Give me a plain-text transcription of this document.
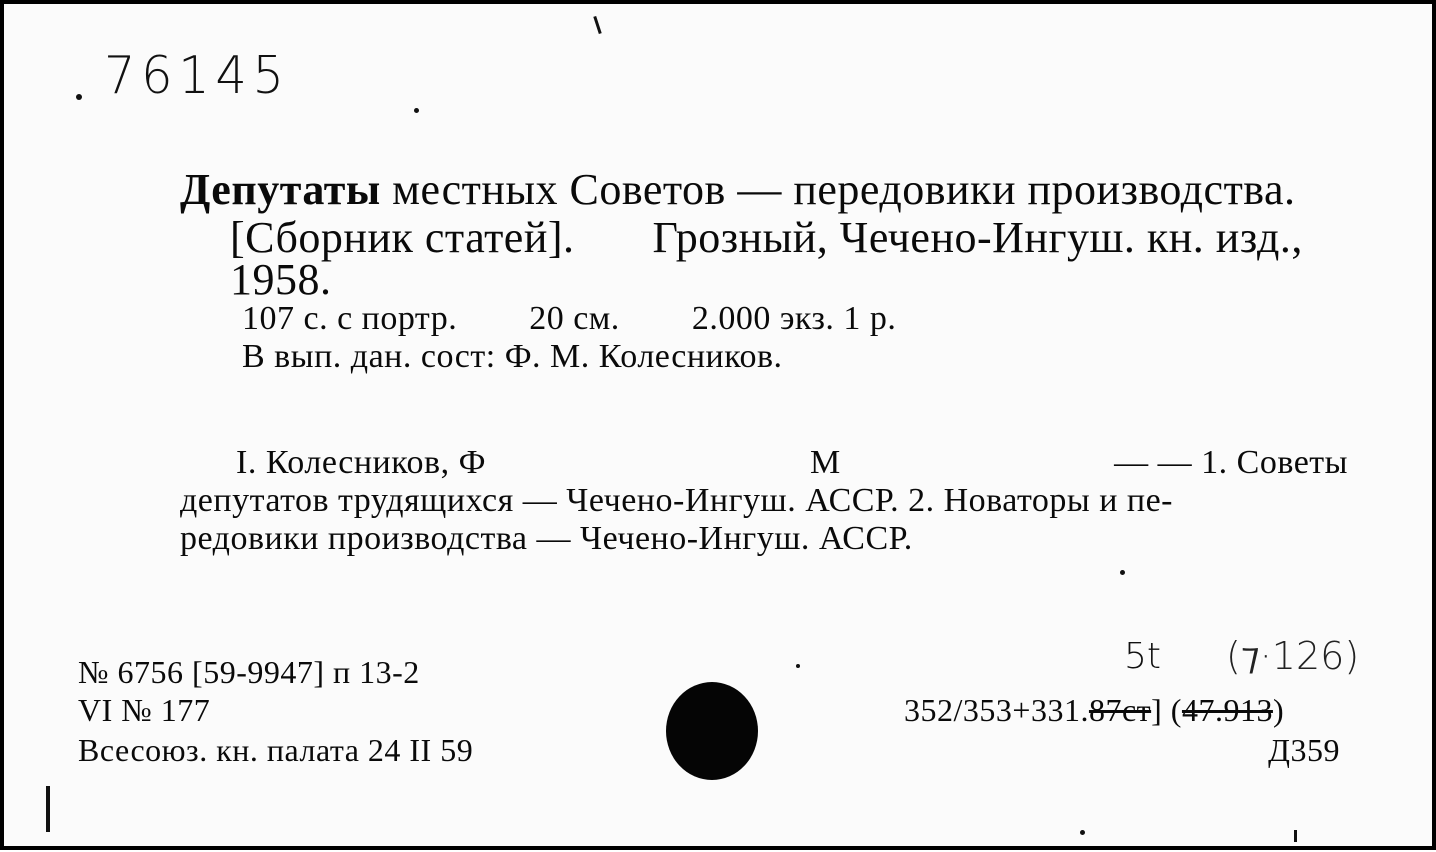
76145
Депутаты местных Советов — передовики производства.
[Сборник статей]. Грозный, Чечено-Ингуш. кн. изд.,
1958.
107 с. с портр. 20 см. 2.000 экз. 1 р.
В вып. дан. сост: Ф. М. Колесников.
I. Колесников, Ф	М	— — 1. Советы
депутатов трудящихся — Чечено-Ингуш. АССР. 2. Новаторы и пе-
редовики производства — Чечено-Ингуш. АССР.
№ 6756 [59-9947] п 13-2
VI № 177
Всесоюз. кн. палата 24 II 59
5t (⁊·126)
352/353+331.87ст] (47.913)
Д359
